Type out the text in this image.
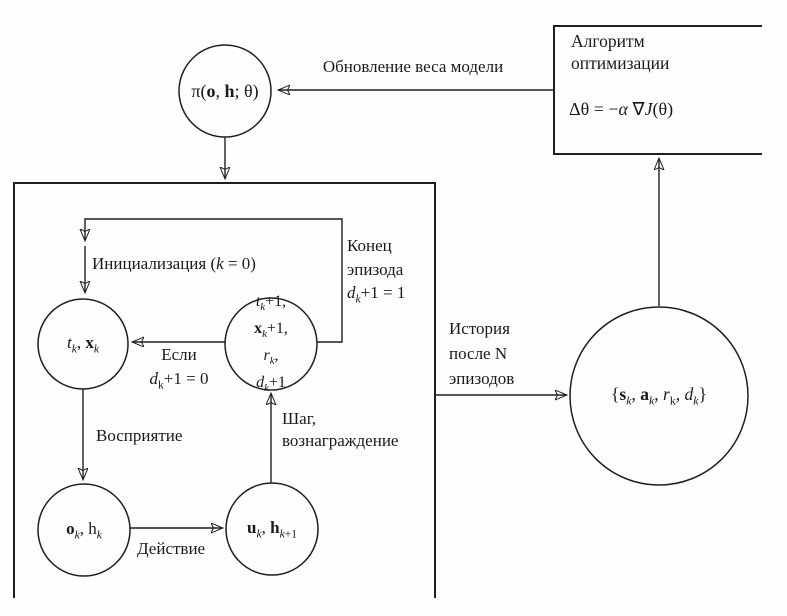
π(o, h; θ)
$t_k$, $x_k$
$t_k+1$,
$x_k+1$,
$r_k$,
$d_k+1$
$o_k$, $h_k$	$u_k$, $h_{k+1}$
{$s_k$, $a_k$, $r_k$, $d_k$}
Алгоритм
оптимизации
Δθ = −α ∇J(θ)
Обновление веса модели
Инициализация (k = 0)
Конец
эпизода
$d_k+1 = 1$
Если
$d_k+1 = 0$
Восприятие
Действие
Шаг,
вознаграждение
История
после N
эпизодов
